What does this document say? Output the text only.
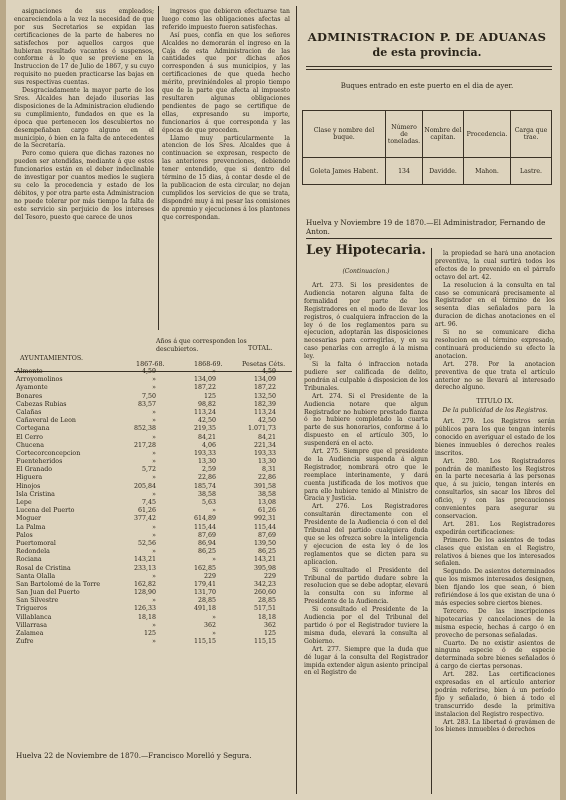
asignaciones de sus empleados; encareciendola a la vez la necesidad de que por sus Secretarios se expidan las certificaciones de la parte de haberes no satisfechos por aquellos cargos que hubieran resultado vacantes ó suspensos, conforme á lo que se previene en la Instruccion de 17 de Julio de 1867, y su cuyo requisito no pueden practicarse las bajas en sus respectivas cuentas.

Desgraciadamente la mayor parte de los Sres. Alcaldes han dejado ilusorias las disposiciones de la Administracion eludiendo su cumplimiento, fundados en que es la época que pertenecen los descubiertos no desempeñaban cargo alguno en el municipio, ó bien en la falta de antecedentes de la Secretaría.

Pero como quiera que dichas razones no pueden ser atendidas, mediante á que estos funcionarios están en el deber indeclinable de investigar por cuantos medios le sugiera su celo la procedencia y estado de los débitos, y por otra parte esta Administracion no puede tolerar por más tiempo la falta de este servicio sin perjuicio de los intereses del Tesoro, puesto que carece de unos

ingresos que debieron efectuarse tan luego como las obligaciones afectas al referido impuesto fueron satisfechas.

Así pues, confía en que los señores Alcaldes no demorarán el ingreso en la Caja de esta Administracion de las cantidades que por dichas años corresponden á sus municipios, y las certificaciones de que queda hecho mérito, previniéndoles al propio tiempo que de la parte que afecta al impuesto resultaren algunas obligaciones pendientes de pago se certifique de ellas, expresando su importe, funcionarios á que corresponda y las épocas de que proceden.

Llamo muy particularmente la atencion de los Sres. Alcaldes que á continuacion se expresan, respecto de las anteriores prevenciones, debiendo tener entendido, que si dentro del término de 15 dias, á contar desde el de la publicacion de esta circular, no dejan cumplidos los servicios de que se trata, dispondré muy á mi pesar las comisiones de apremio y ejecuciones á los plantones que correspondan.

ADMINISTRACION P. DE ADUANAS
de esta provincia.
Buques entrado en este puerto en el dia de ayer.
Clase y nombre del buque.	Número de toneladas.	Nombre del capitan.	Procedencia.	Carga que trae.
Goleta James Habent.	134	Davidde.	Mahon.	Lastre.
Huelva y Noviembre 19 de 1870.—El Administrador, Fernando de Anton.
Ley Hipotecaria.
(Continuacion.)

Art. 273. Si los presidentes de Audiencia notaren alguna falta de formalidad por parte de los Registradores en el modo de llevar los registros, ó cualquiera infraccion de la ley ó de los reglamentos para su ejecucion, adoptarán las disposiciones necesarias para corregirlas, y en su caso penarlas con arreglo á la misma ley.

Si la falta ó infraccion notada pudiere ser calificada de delito, pondrán al culpable á disposicion de los Tribunales.

Art. 274. Si el Presidente de la Audiencia notare que algun Registrador no hubiere prestado fianza ó no hubiere completado la cuarta parte de sus honorarios, conforme á lo dispuesto en el artículo 305, lo suspenderá en el acto.

Art. 275. Siempre que el presidente de la Audiencia suspenda á algun Registrador, nombrará otro que le reemplace interinamente, y dará cuenta justificada de los motivos que para ello hubiere tenido al Ministro de Gracia y Justicia.

Art. 276. Los Registradores consultarán directamente con el Presidente de la Audiencia ó con el del Tribunal del partido cualquiera duda que se les ofrezca sobre la inteligencia y ejecucion de esta ley ó de los reglamentos que se dicten para su aplicacion.

Si consultado el Presidente del Tribunal de partido dudare sobre la resolucion que se debe adoptar, elevará la consulta con su informe al Presidente de la Audiencia.

Si consultado el Presidente de la Audiencia por el del Tribunal del partido ó por el Registrador tuviere la misma duda, elevará la consulta al Gobierno.

Art. 277. Siempre que la duda que dé lugar á la consulta del Registrador impida extender algun asiento principal en el Registro de

la propiedad se hará una anotacion preventiva, la cual surtirá todos los efectos de lo prevenido en el párrafo octavo del art. 42.

La resolucion á la consulta en tal caso se comunicará precisamente al Registrador en el término de los sesenta dias señalados para la duracion de dichas anotaciones en el art. 96.

Si no se comunicare dicha resolucion en el término expresado, continuará produciendo su efecto la anotacion.

Art. 278. Por la anotacion preventiva de que trata el artículo anterior no se llevará al interesado derecho alguno.

TITULO IX.

De la publicidad de los Registros.

Art. 279. Los Registros serán públicos para los que tengan interés conocido en averiguar el estado de los bienes inmuebles ó derechos reales inscritos.

Art. 280. Los Registradores pondrán de manifiesto los Registros en la parte necesaria á las personas que, á su juicio, tengan interés en consultarlos, sin sacar los libros del oficio, y con las precauciones convenientes para asegurar su conservacion.

Art. 281. Los Registradores expedirán certificaciones:

Primero. De los asientos de todas clases que existan en el Registro, relativos á bienes que los interesados señalen.

Segundo. De asientos determinados que los mismos interesados designen, bien fijando los que sean, ó bien refiriéndose á los que existan de una ó más especies sobre ciertos bienes.

Tercero. De las inscripciones hipotecarias y cancelaciones de la misma especie, hechas á cargo ó en provecho de personas señaladas.

Cuarto. De no existir asientos de ninguna especie ó de especie determinada sobre bienes señalados ó á cargo de ciertas personas.

Art. 282. Las certificaciones expresadas en el artículo anterior podrán referirse, bien á un período fijo y señalado, ó bien á todo el transcurrido desde la primitiva instalacion del Registro respectivo.

Art. 283. La libertad ó gravámen de los bienes inmuebles ó derechos

Años á que corresponden los descubiertos.
AYUNTAMIENTOS.
1867-68.	1868-69.
TOTAL.
Pesetas Céts.
Almonte	4,59	»	4,59
Arroyomolinos	»	134,09	134,09
Ayamonte	»	187,22	187,22
Bonares	7,50	125	132,50
Cabezas Rubias	83,57	98,82	182,39
Calañas	»	113,24	113,24
Cañaveral de Leon	»	42,50	42,50
Cortegana	852,38	219,35	1.071,73
El Cerro	»	84,21	84,21
Chucena	217,28	4,06	221,34
Cortecorconcepcion	»	193,33	193,33
Fuenteheridos	»	13,30	13,30
El Granado	5,72	2,59	8,31
Higuera	»	22,86	22,86
Hinojos	205,84	185,74	391,58
Isla Cristina	»	38,58	38,58
Lepe	7,45	5,63	13,08
Lucena del Puerto	61,26	»	61,26
Moguer	377,42	614,89	992,31
La Palma	»	115,44	115,44
Palos	»	87,69	87,69
Puertomoral	52,56	86,94	139,50
Redondela	»	86,25	86,25
Rociana	143,21	»	143,21
Rosal de Cristina	233,13	162,85	395,98
Santa Olalla	»	229	229
San Bartolomé de la Torre	162,82	179,41	342,23
San Juan del Puerto	128,90	131,70	260,60
San Silvestre	»	28,85	28,85
Trigueros	126,33	491,18	517,51
Villablanca	18,18	»	18,18
Villarrasa	»	362	362
Zalamea	125	»	125
Zufre	»	115,15	115,15
Huelva 22 de Noviembre de 1870.—Francisco Morelló y Segura.
